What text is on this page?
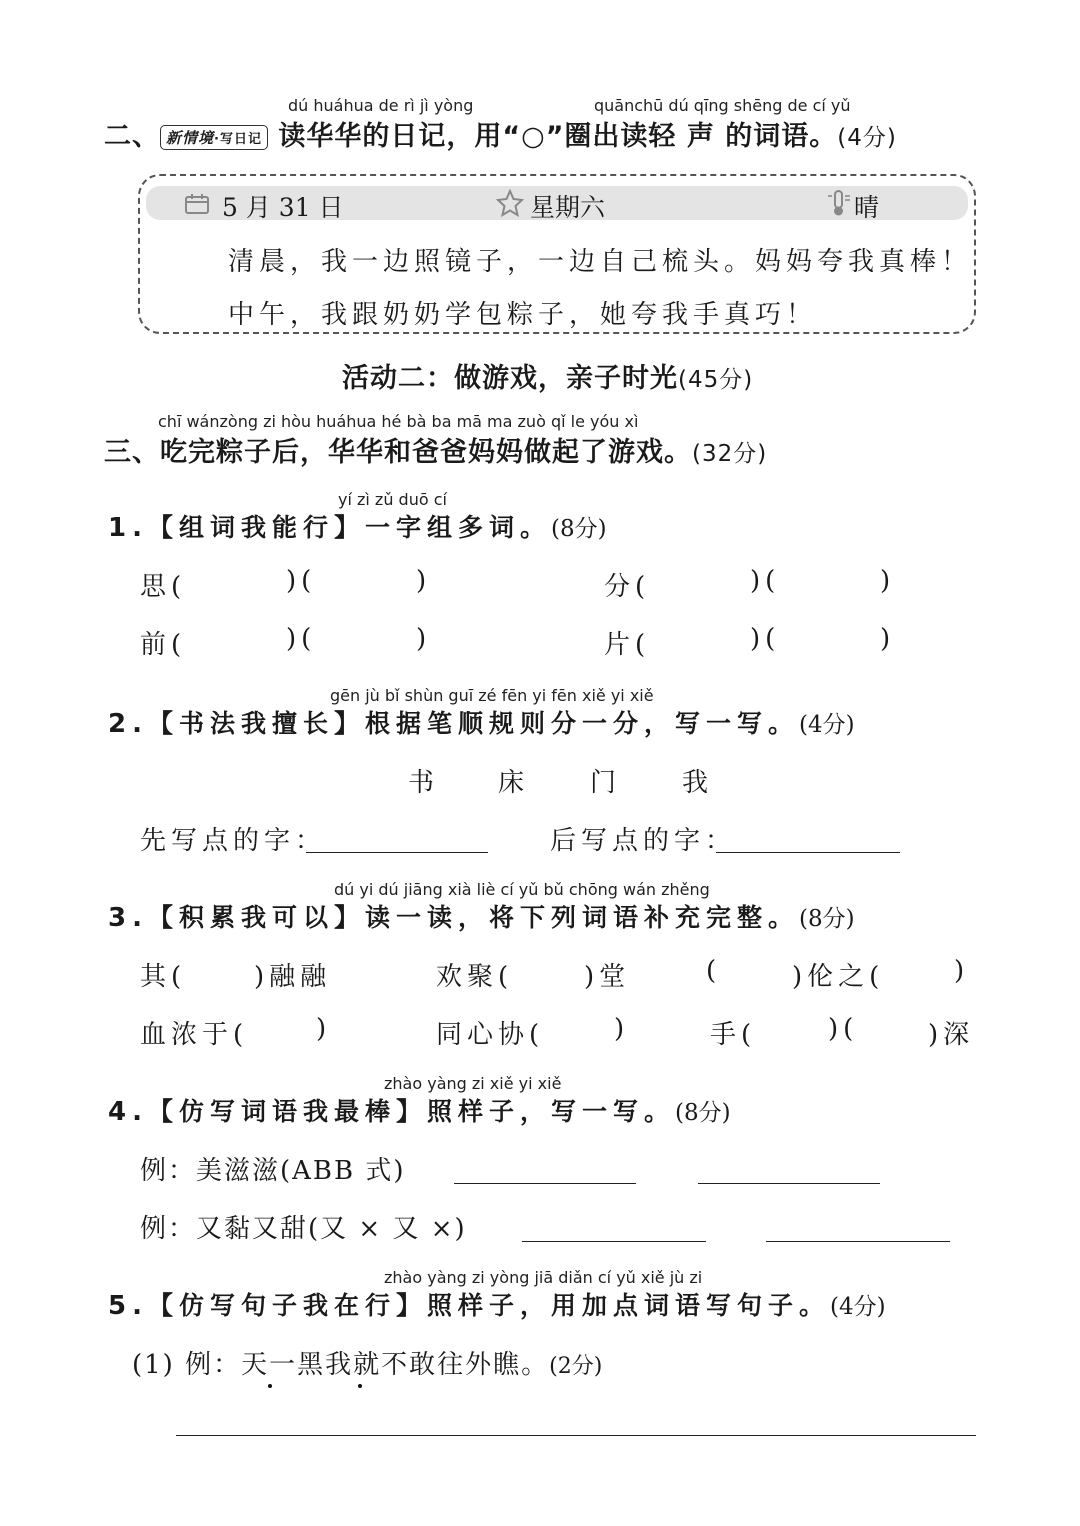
dú huáhua de rì jì yòng	quānchū dú qīng shēng de cí yǔ
二、 新情境·写日记 读华华的日记，用“○”圈出读轻 声 的词语。(4分)
5 月 31 日	星期六	晴
清晨，我一边照镜子，一边自己梳头。妈妈夸我真棒！
中午，我跟奶奶学包粽子，她夸我手真巧！
活动二：做游戏，亲子时光(45分)
chī wánzòng zi hòu huáhua hé bà ba mā ma zuò qǐ le yóu xì
三、吃完粽子后，华华和爸爸妈妈做起了游戏。(32分)
yí zì zǔ duō cí
1.【组词我能行】一字组多词。(8分)
思(	)(	)	分(	)(	)
前(	)(	)	片(	)(	)
gēn jù bǐ shùn guī zé fēn yi fēn xiě yi xiě
2.【书法我擅长】根据笔顺规则分一分，写一写。(4分)
书 床 门 我
先写点的字：	后写点的字：
dú yi dú jiāng xià liè cí yǔ bǔ chōng wán zhěng
3.【积累我可以】读一读，将下列词语补充完整。(8分)
其(	)融融	欢聚(	)堂	(	)伦之(	)
血浓于(	)	同心协(	)	手(	)(	)深
zhào yàng zi xiě yi xiě
4.【仿写词语我最棒】照样子，写一写。(8分)
例：美滋滋(ABB 式)
例：又黏又甜(又 × 又 ×)
zhào yàng zi yòng jiā diǎn cí yǔ xiě jù zi
5.【仿写句子我在行】照样子，用加点词语写句子。(4分)
(1) 例：天一黑我就不敢往外瞧。(2分)
